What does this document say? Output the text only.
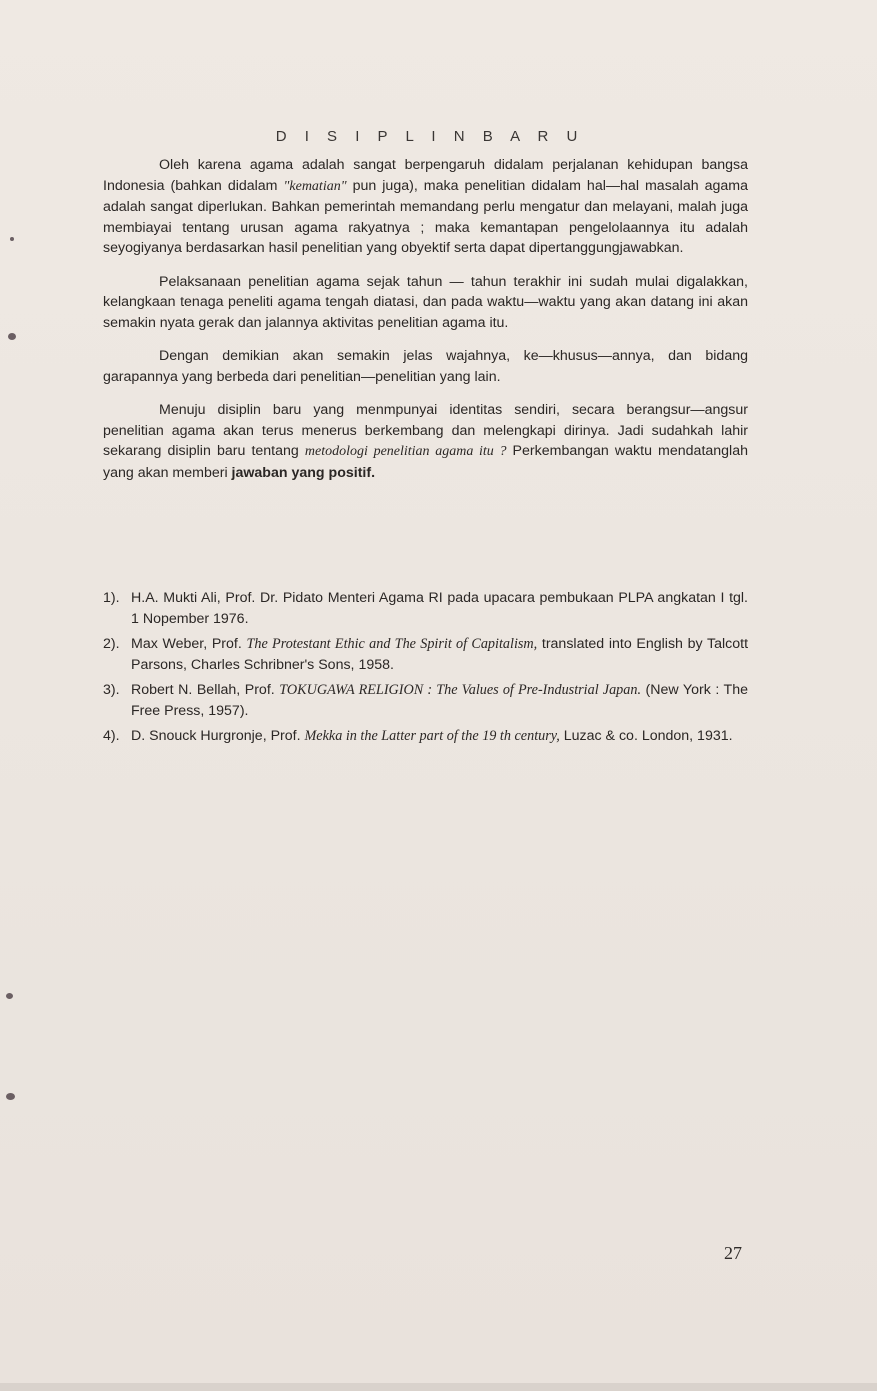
D I S I P L I N B A R U

Oleh karena agama adalah sangat berpengaruh didalam perjalanan kehidupan bangsa Indonesia (bahkan didalam "kematian" pun juga), maka penelitian didalam hal—hal masalah agama adalah sangat diperlukan. Bahkan pemerintah memandang perlu mengatur dan melayani, malah juga membiayai tentang urusan agama rakyatnya ; maka kemantapan pengelolaannya itu adalah seyogiyanya berdasarkan hasil penelitian yang obyektif serta dapat dipertanggungjawabkan.

Pelaksanaan penelitian agama sejak tahun — tahun terakhir ini sudah mulai digalakkan, kelangkaan tenaga peneliti agama tengah diatasi, dan pada waktu—waktu yang akan datang ini akan semakin nyata gerak dan jalannya aktivitas penelitian agama itu.

Dengan demikian akan semakin jelas wajahnya, ke—khusus—annya, dan bidang garapannya yang berbeda dari penelitian—penelitian yang lain.

Menuju disiplin baru yang menmpunyai identitas sendiri, secara berangsur—angsur penelitian agama akan terus menerus berkembang dan melengkapi dirinya. Jadi sudahkah lahir sekarang disiplin baru tentang metodologi penelitian agama itu ? Perkembangan waktu mendatanglah yang akan memberi jawaban yang positif.

1). H.A. Mukti Ali, Prof. Dr. Pidato Menteri Agama RI pada upacara pembukaan PLPA angkatan I tgl. 1 Nopember 1976.
2). Max Weber, Prof. The Protestant Ethic and The Spirit of Capitalism, translated into English by Talcott Parsons, Charles Schribner's Sons, 1958.
3). Robert N. Bellah, Prof. TOKUGAWA RELIGION : The Values of Pre-Industrial Japan. (New York : The Free Press, 1957).
4). D. Snouck Hurgronje, Prof. Mekka in the Latter part of the 19 th century, Luzac & co. London, 1931.
27
